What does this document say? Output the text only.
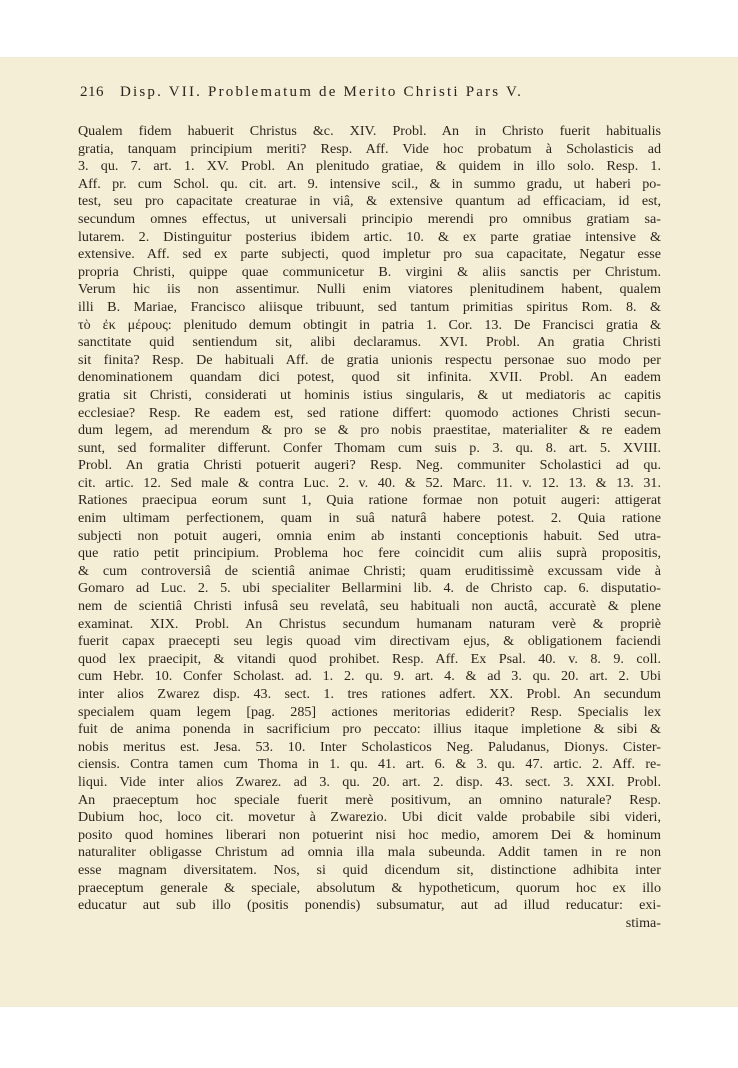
216 Disp. VII. Problematum de Merito Christi Pars V.
Qualem fidem habuerit Christus &c. XIV. Probl. An in Christo fuerit habitualis
gratia, tanquam principium meriti? Resp. Aff. Vide hoc probatum à Scholasticis ad
3. qu. 7. art. 1. XV. Probl. An plenitudo gratiae, & quidem in illo solo. Resp. 1.
Aff. pr. cum Schol. qu. cit. art. 9. intensive scil., & in summo gradu, ut haberi po-
test, seu pro capacitate creaturae in viâ, & extensive quantum ad efficaciam, id est,
secundum omnes effectus, ut universali principio merendi pro omnibus gratiam sa-
lutarem. 2. Distinguitur posterius ibidem artic. 10. & ex parte gratiae intensive &
extensive. Aff. sed ex parte subjecti, quod impletur pro sua capacitate, Negatur esse
propria Christi, quippe quae communicetur B. virgini & aliis sanctis per Christum.
Verum hic iis non assentimur. Nulli enim viatores plenitudinem habent, qualem
illi B. Mariae, Francisco aliisque tribuunt, sed tantum primitias spiritus Rom. 8. &
τὸ ἐκ μέρους: plenitudo demum obtingit in patria 1. Cor. 13. De Francisci gratia &
sanctitate quid sentiendum sit, alibi declaramus. XVI. Probl. An gratia Christi
sit finita? Resp. De habituali Aff. de gratia unionis respectu personae suo modo per
denominationem quandam dici potest, quod sit infinita. XVII. Probl. An eadem
gratia sit Christi, considerati ut hominis istius singularis, & ut mediatoris ac capitis
ecclesiae? Resp. Re eadem est, sed ratione differt: quomodo actiones Christi secun-
dum legem, ad merendum & pro se & pro nobis praestitae, materialiter & re eadem
sunt, sed formaliter differunt. Confer Thomam cum suis p. 3. qu. 8. art. 5. XVIII.
Probl. An gratia Christi potuerit augeri? Resp. Neg. communiter Scholastici ad qu.
cit. artic. 12. Sed male & contra Luc. 2. v. 40. & 52. Marc. 11. v. 12. 13. & 13. 31.
Rationes praecipua eorum sunt 1, Quia ratione formae non potuit augeri: attigerat
enim ultimam perfectionem, quam in suâ naturâ habere potest. 2. Quia ratione
subjecti non potuit augeri, omnia enim ab instanti conceptionis habuit. Sed utra-
que ratio petit principium. Problema hoc fere coincidit cum aliis suprà propositis,
& cum controversiâ de scientiâ animae Christi; quam eruditissimè excussam vide à
Gomaro ad Luc. 2. 5. ubi specialiter Bellarmini lib. 4. de Christo cap. 6. disputatio-
nem de scientiâ Christi infusâ seu revelatâ, seu habituali non auctâ, accuratè & plene
examinat. XIX. Probl. An Christus secundum humanam naturam verè & propriè
fuerit capax praecepti seu legis quoad vim directivam ejus, & obligationem faciendi
quod lex praecipit, & vitandi quod prohibet. Resp. Aff. Ex Psal. 40. v. 8. 9. coll.
cum Hebr. 10. Confer Scholast. ad. 1. 2. qu. 9. art. 4. & ad 3. qu. 20. art. 2. Ubi
inter alios Zwarez disp. 43. sect. 1. tres rationes adfert. XX. Probl. An secundum
specialem quam legem [pag. 285] actiones meritorias ediderit? Resp. Specialis lex
fuit de anima ponenda in sacrificium pro peccato: illius itaque impletione & sibi &
nobis meritus est. Jesa. 53. 10. Inter Scholasticos Neg. Paludanus, Dionys. Cister-
ciensis. Contra tamen cum Thoma in 1. qu. 41. art. 6. & 3. qu. 47. artic. 2. Aff. re-
liqui. Vide inter alios Zwarez. ad 3. qu. 20. art. 2. disp. 43. sect. 3. XXI. Probl.
An praeceptum hoc speciale fuerit merè positivum, an omnino naturale? Resp.
Dubium hoc, loco cit. movetur à Zwarezio. Ubi dicit valde probabile sibi videri,
posito quod homines liberari non potuerint nisi hoc medio, amorem Dei & hominum
naturaliter obligasse Christum ad omnia illa mala subeunda. Addit tamen in re non
esse magnam diversitatem. Nos, si quid dicendum sit, distinctione adhibita inter
praeceptum generale & speciale, absolutum & hypotheticum, quorum hoc ex illo
educatur aut sub illo (positis ponendis) subsumatur, aut ad illud reducatur: exi-
stima-
